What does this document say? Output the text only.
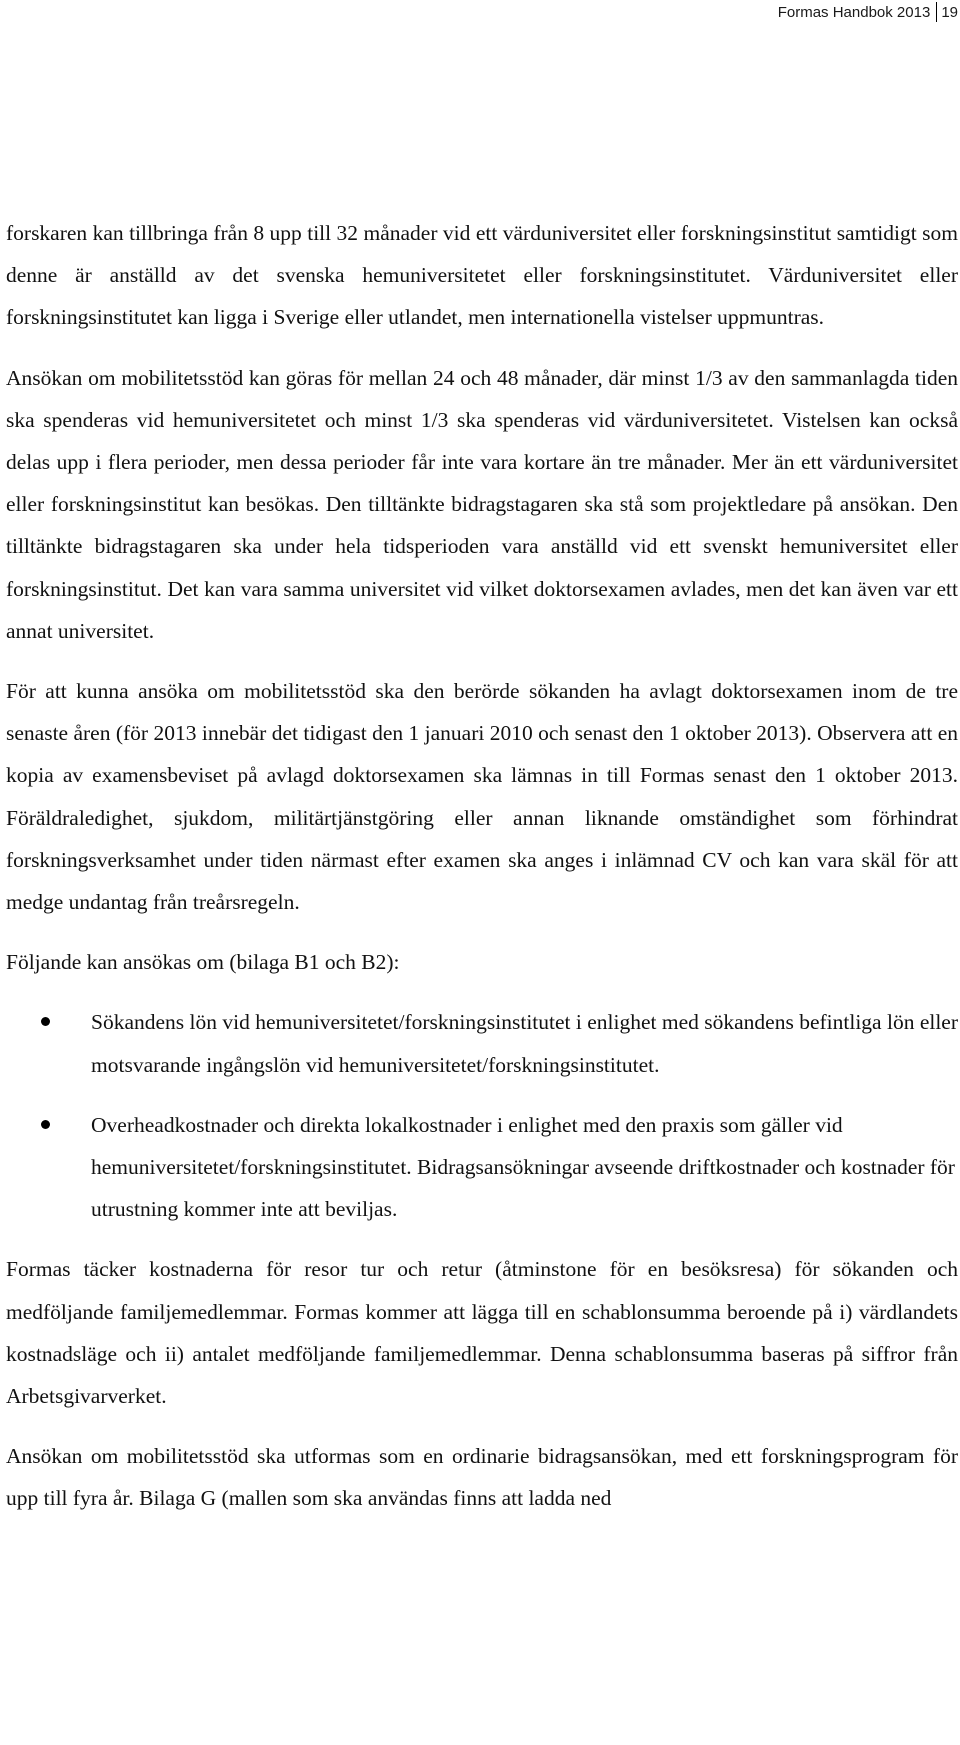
Formas Handbok 2013 19

forskaren kan tillbringa från 8 upp till 32 månader vid ett värduniversitet eller forskningsinstitut samtidigt som denne är anställd av det svenska hemuniversitetet eller forskningsinstitutet. Värduniversitet eller forskningsinstitutet kan ligga i Sverige eller utlandet, men internationella vistelser uppmuntras.

Ansökan om mobilitetsstöd kan göras för mellan 24 och 48 månader, där minst 1/3 av den sammanlagda tiden ska spenderas vid hemuniversitetet och minst 1/3 ska spenderas vid värduniversitetet. Vistelsen kan också delas upp i flera perioder, men dessa perioder får inte vara kortare än tre månader. Mer än ett värduniversitet eller forskningsinstitut kan besökas. Den tilltänkte bidragstagaren ska stå som projektledare på ansökan. Den tilltänkte bidragstagaren ska under hela tidsperioden vara anställd vid ett svenskt hemuniversitet eller forskningsinstitut. Det kan vara samma universitet vid vilket doktorsexamen avlades, men det kan även var ett annat universitet.

För att kunna ansöka om mobilitetsstöd ska den berörde sökanden ha avlagt doktorsexamen inom de tre senaste åren (för 2013 innebär det tidigast den 1 januari 2010 och senast den 1 oktober 2013). Observera att en kopia av examensbeviset på avlagd doktorsexamen ska lämnas in till Formas senast den 1 oktober 2013. Föräldraledighet, sjukdom, militärtjänstgöring eller annan liknande omständighet som förhindrat forskningsverksamhet under tiden närmast efter examen ska anges i inlämnad CV och kan vara skäl för att medge undantag från treårsregeln.

Följande kan ansökas om (bilaga B1 och B2):

Sökandens lön vid hemuniversitetet/forskningsinstitutet i enlighet med sökandens befintliga lön eller motsvarande ingångslön vid hemuniversitetet/forskningsinstitutet.
Overheadkostnader och direkta lokalkostnader i enlighet med den praxis som gäller vid hemuniversitetet/forskningsinstitutet. Bidragsansökningar avseende driftkostnader och kostnader för utrustning kommer inte att beviljas.

Formas täcker kostnaderna för resor tur och retur (åtminstone för en besöksresa) för sökanden och medföljande familjemedlemmar. Formas kommer att lägga till en schablonsumma beroende på i) värdlandets kostnadsläge och ii) antalet medföljande familjemedlemmar. Denna schablonsumma baseras på siffror från Arbetsgivarverket.

Ansökan om mobilitetsstöd ska utformas som en ordinarie bidragsansökan, med ett forskningsprogram för upp till fyra år. Bilaga G (mallen som ska användas finns att ladda ned
